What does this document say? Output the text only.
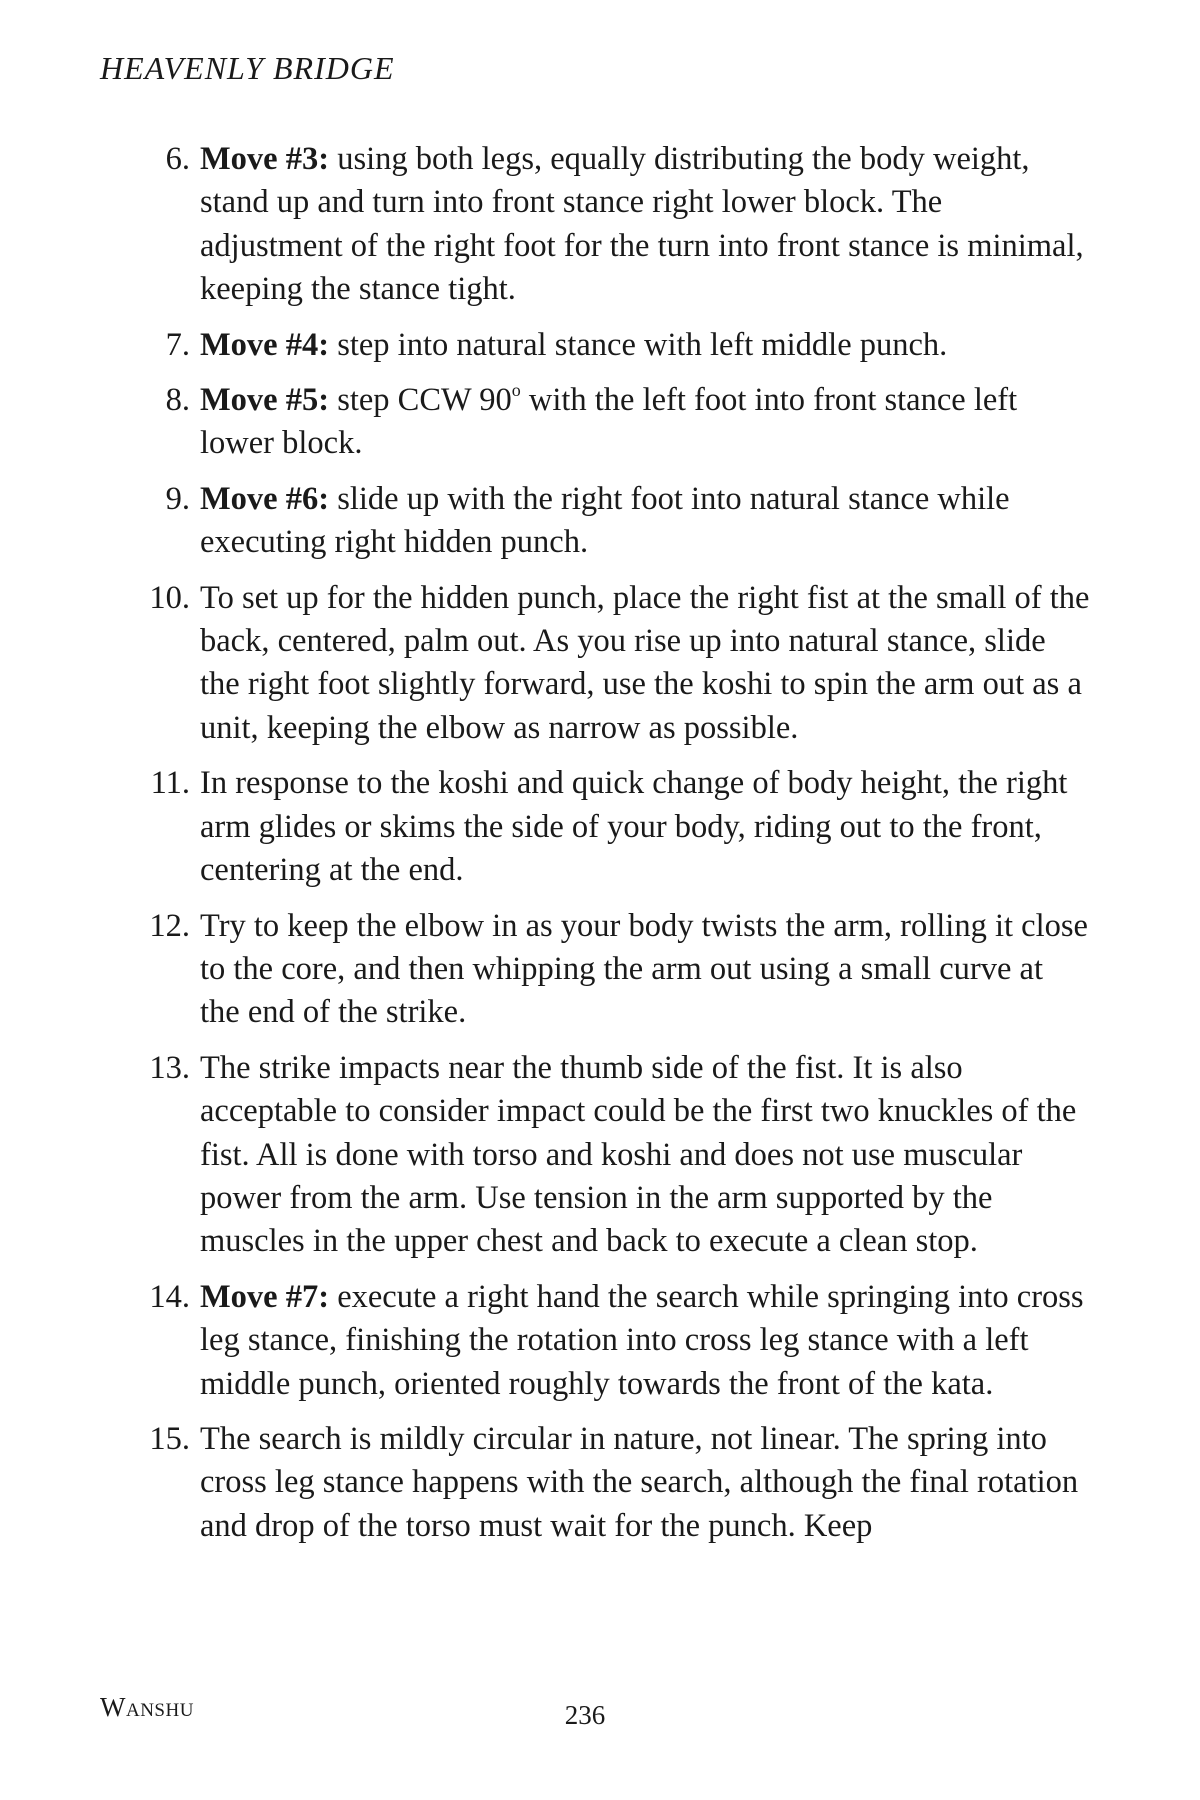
HEAVENLY BRIDGE
6. Move #3: using both legs, equally distributing the body weight, stand up and turn into front stance right lower block. The adjustment of the right foot for the turn into front stance is minimal, keeping the stance tight.
7. Move #4: step into natural stance with left middle punch.
8. Move #5: step CCW 90$^o$ with the left foot into front stance left lower block.
9. Move #6: slide up with the right foot into natural stance while executing right hidden punch.
10. To set up for the hidden punch, place the right fist at the small of the back, centered, palm out. As you rise up into natural stance, slide the right foot slightly forward, use the koshi to spin the arm out as a unit, keeping the elbow as narrow as possible.
11. In response to the koshi and quick change of body height, the right arm glides or skims the side of your body, riding out to the front, centering at the end.
12. Try to keep the elbow in as your body twists the arm, rolling it close to the core, and then whipping the arm out using a small curve at the end of the strike.
13. The strike impacts near the thumb side of the fist. It is also acceptable to consider impact could be the first two knuckles of the fist. All is done with torso and koshi and does not use muscular power from the arm. Use tension in the arm supported by the muscles in the upper chest and back to execute a clean stop.
14. Move #7: execute a right hand the search while springing into cross leg stance, finishing the rotation into cross leg stance with a left middle punch, oriented roughly towards the front of the kata.
15. The search is mildly circular in nature, not linear. The spring into cross leg stance happens with the search, although the final rotation and drop of the torso must wait for the punch. Keep
Wanshu	236
